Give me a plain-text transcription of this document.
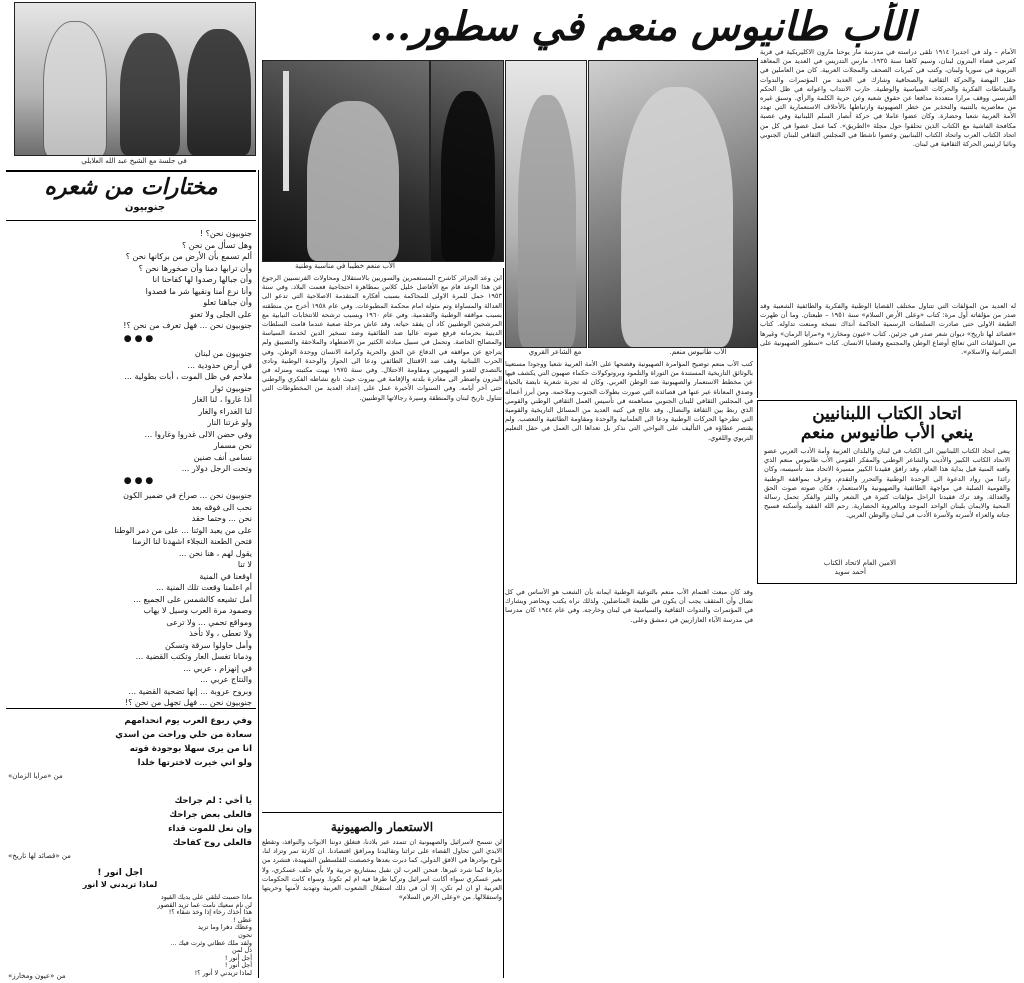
الأب طانيوس منعم في سطور...
في جلسة مع الشيخ عبد الله العلايلي
الأب منعم خطيبا في مناسبة وطنية
مع الشاعر القروي	الأب طانيوس منعم.
الأمام – ولد في اجديرا ١٩١٤ تلقى دراسته في مدرسة مار يوحنا مارون الاكليريكية في قرية كفرحي قضاء البترون لبنان، وسيم كاهنا سنة ١٩٣٥. مارس التدريس في العديد من المعاهد التربوية في سوريا ولبنان، وكتب في كبريات الصحف والمجلات العربية. كان من العاملين في حقل النهضة والحركة الثقافية والصحافية وشارك في العديد من المؤتمرات والندوات والنشاطات الفكرية والحركات السياسية والوطنية. حارب الانتداب واعوانه في ظل الحكم الفرنسي ووقف مرارا متعددة مدافعا عن حقوق شعبه وعن حرية الكلمة والرأي. وسبق غيره من معاصريه بالتنبيه والتحذير من خطر الصهيونية وارتباطها بالأحلاف الاستعمارية التي تهدد الأمة العربية شعبا وحضارة. وكان عضوا عاملا في حركة أنصار السلم اللبنانية وفي عصبة مكافحة الفاشية مع الكتاب الذين تحلقوا حول مجلة «الطريق». كما عمل عضوا في كل من اتحاد الكتاب العرب واتحاد الكتاب اللبنانيين وعضوا ناشطا في المجلس الثقافي للبنان الجنوبي ونائبا لرئيس الحركة الثقافية في لبنان.
له العديد من المؤلفات التي تتناول مختلف القضايا الوطنية والفكرية والطائفية الشعبية وقد صدر من مؤلفاته أول مرة: كتاب «وعلى الأرض السلام» سنة ١٩٥١ – طبعتان. وما أن ظهرت الطبعة الاولى حتى صادرت السلطات الرسمية الحاكمة آنذاك نسخه ومنعت تداوله. كتاب «قصائد لها تاريخ» ديوان شعر صدر في جزئين. كتاب «عيون ومخارز» و«مرايا الزمان» وغيرها من المؤلفات التي تعالج أوضاع الوطن والمجتمع وقضايا الانسان. كتاب «سطور الصهيونية على النصرانية والاسلام».
اتحاد الكتاب اللبنانيين
ينعي الأب طانيوس منعم
ينعى اتحاد الكتاب اللبنانيين الى الكتاب في لبنان والبلدان العربية وأمة الأدب العربي عضو الاتحاد الكاتب الكبير والأديب والشاعر الوطني والمفكر القومي الأب طانيوس منعم الذي وافته المنية قبل بداية هذا العام. وقد رافق فقيدنا الكبير مسيرة الاتحاد منذ تأسيسه، وكان رائدا من رواد الدعوة الى الوحدة الوطنية والتحرر والتقدم، وعرف بمواقفه الوطنية والقومية الصلبة في مواجهة الطائفية والصهيونية والاستعمار، فكان صوته صوت الحق والعدالة. وقد ترك فقيدنا الراحل مؤلفات كثيرة في الشعر والنثر والفكر تحمل رسالة المحبة والايمان بلبنان الواحد الموحد وبالعروبة الحضارية. رحم الله الفقيد وأسكنه فسيح جناته والعزاء لأسرته ولأسرة الأدب في لبنان والوطن العربي.
الامين العام لاتحاد الكتاب
أحمد سويد
كتب الأب منعم توضيح المؤامرة الصهيونية وفضحها على الأمة العربية شعبا ووجودا مستعينا بالوثائق التاريخية المستندة من التوراة والتلمود وبروتوكولات حكماء صهيون التي يكشف فيها عن مخطط الاستعمار والصهيونية ضد الوطن العربي. وكان له تجربة شعرية نابضة بالحياة وصدق المعاناة عبر عنها في قصائده التي صورت بطولات الجنوب وملاحمه. ومن أبرز أعماله في المجلس الثقافي للبنان الجنوبي مساهمته في تأسيس العمل الثقافي الوطني والقومي الذي ربط بين الثقافة والنضال. وقد عالج في كتبه العديد من المسائل التاريخية والقومية التي تطرحها الحركات الوطنية ودعا الى العلمانية والوحدة ومقاومة الطائفية والتعصب. ولم يقتصر عطاؤه في التأليف على النواحي التي نذكر بل تعداها الى العمل في حقل التعليم التربوي واللغوي.
ابن وعد الجزائر كاشرح المستعمرين والسوريين بالاستقلال ومحاولات الفرنسيين الرجوع عن هذا الوعد قام مع الأفاضل خليل كلاس بمظاهرة احتجاجية فعمت البلاد. وفي سنة ١٩٥٣ حمل للمرة الاولى للمحاكمة بسبب أفكاره المتقدمة الاصلاحية التي تدعو الى العدالة والمساواة وتم مثوله امام محكمة المطبوعات. وفي عام ١٩٥٨ أخرج من منطقته بسبب مواقفه الوطنية والتقدمية. وفي عام ١٩٦٠ وبسبب ترشحه للانتخابات النيابية مع المرشحين الوطنيين كاد أن يفقد حياته. وقد عاش مرحلة صعبة عندما قامت السلطات الدينية بحرمانه فرفع صوته عاليا ضد الطائفية وضد تسخير الدين لخدمة السياسة والمصالح الخاصة. وتحمل في سبيل مبادئه الكثير من الاضطهاد والملاحقة والتضييق ولم يتراجع عن مواقفه في الدفاع عن الحق والحرية وكرامة الانسان ووحدة الوطن. وفي الحرب اللبنانية وقف ضد الاقتتال الطائفي ودعا الى الحوار والوحدة الوطنية ونادى بالتصدي للعدو الصهيوني ومقاومة الاحتلال. وفي سنة ١٩٧٥ نهبت مكتبته ومنزله في البترون واضطر الى مغادرة بلدته والإقامة في بيروت حيث تابع نشاطه الفكري والوطني حتى آخر أيامه. وفي السنوات الأخيرة عمل على إعداد العديد من المخطوطات التي تتناول تاريخ لبنان والمنطقة وسيرة رجالاتها الوطنيين.
الاستعمار والصهيونية
لن نسمح لاسرائيل والصهيونية ان تتمدد عبر بلادنا، فتغلق دوننا الابواب والنوافذ، وتقطع الايدي التي تحاول القضاء على تراثنا وتقاليدنا ومرافق اقتصادنا. ان كارثة تمر وتزاد لنا، تلوح بوادرها في الافق الدولي، كما دبرت بعدها وخصصت للفلسطين الشهيدة، فتشرد من ديارها كما شرد غيرها. فنحن العرب لن نقبل بمشاريع حربية ولا بأي حلف عسكري، ولا بغير عسكري سواء أكانت اسرائيل وتركيا طرفا فيه ام لم تكونا. وسواء كانت الحكومات العربية او ان لم تكن، إلا أن في ذلك استقلال الشعوب العربية وتهديد لأمنها وحريتها واستقلالها. من «وعلى الارض السلام»
وقد كان مبعث اهتمام الأب منعم بالتوعية الوطنية ايمانه بأن الشعب هو الأساس في كل نضال وأن المثقف يجب أن يكون في طليعة المناضلين. ولذلك نراه يكتب ويحاضر ويشارك في المؤتمرات والندوات الثقافية والسياسية في لبنان وخارجه. وفي عام ١٩٤٤ كان مدرسا في مدرسة الآباء العازاريين في دمشق وعلى.
مختارات من شعره
جنوبيون
جنوبيون نحن؟ !
وهل تسأل من نحن ؟
ألم تسمع بأن الأرض من بركانها نحن ؟
وأن ترابها دمنا وأن صخورها نحن ؟
وأن جبالها رصدوا لها كفاحنا انا
وأنا نرع أمنا ونقيها شر ما قصدوا
وأن جباهنا تعلو
على الجلى ولا تعنو
جنوبيون نحن ... فهل تعرف من نحن ؟!
●●●
جنوبيون من لبنان
في أرض حدودية ...
ملاحم في ظل الموت ، أبات بطولية ...
جنوبيون ثوار
أذا غاروا ، لنا الغار
لنا الغدراء والغار
ولو غرتنا النار
وفي حضن الالى غدروا وغاروا ...
نحن مسمار
نسامى أنف صنين
وتحت الرجل دولار ...
●●●
جنوبيون نحن ... صراخ في ضمير الكون
نحب الى فوقه بعد
نحن ... وحتما حقد
على من يعبد الوثنا ... على من دمر الوطنا
فتحن الطعنة النجلاء اشهدنا لنا الزمنا
يقول لهم ، هنا نحن ...
لا تنا
اوقعنا في المنية
أم اعلمنا وقعت تلك المنية ...
أمل تشيعه كالشمس على الجميع ...
وصمود مرة العرب وسيل لا يهاب
ومواقع تحمي ... ولا ترعى
ولا تعطى ، ولا تأخذ
وأمل حاولوا سرقة وتسكن
ودمانا تغسل العار وتكتب القضية ...
في إنهزام ، عربي ...
والنتاج عربي ...
وبروح عروبة ... إنها تضحية القضية ...
جنوبيون نحن ... فهل تجهل من نحن ؟!
وفي ربوع العرب يوم انحدامهم
سعادة من حلي وراحت من اسدي
انا من يرى سهلا بوجودة قوته
ولو اني خيرت لاخترتها خلدا
من «مرايا الزمان»
يا أخي : لم جراحك
فالعلى بعض جراحك
وإن نعل للموت قداء
فالعلى روح كفاحك
من «قصائد لها تاريخ»
أجل أنور !
لماذا تريدني لا أنور
ماذا حسبت لتلقي على يديك القيود
لن نام سعيك نامت عما تريد القصور
هذا أخذك رخاء إذا وخذ شقاء ؟!
عظى !
وعظك دهرا وما تريد
نحون
ولقد ملك عظاتي وثرت فيك ...
ذل لمن
أجل أنور !
أجل أنور !
لماذا تريدني لا أنور ؟!
من «عيون ومخارز»
